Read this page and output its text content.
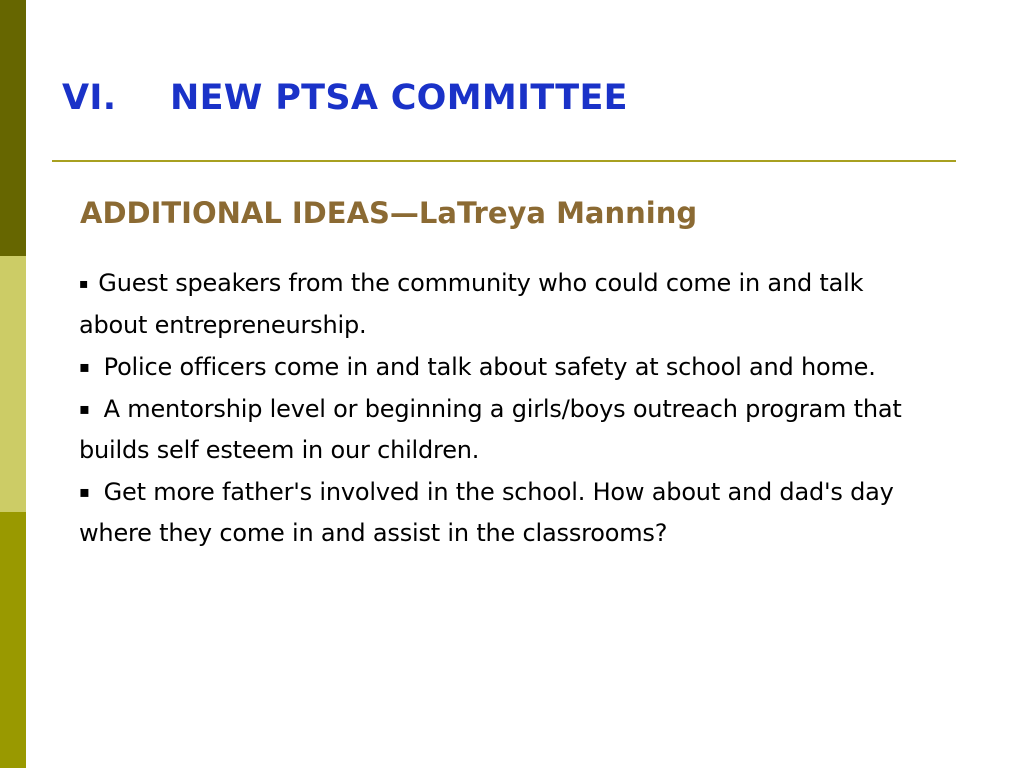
VI. NEW PTSA COMMITTEE
ADDITIONAL IDEAS—LaTreya Manning

▪ Guest speakers from the community who could come in and talk about entrepreneurship.

▪ Police officers come in and talk about safety at school and home.

▪ A mentorship level or beginning a girls/boys outreach program that builds self esteem in our children.

▪ Get more father's involved in the school. How about and dad's day where they come in and assist in the classrooms?
